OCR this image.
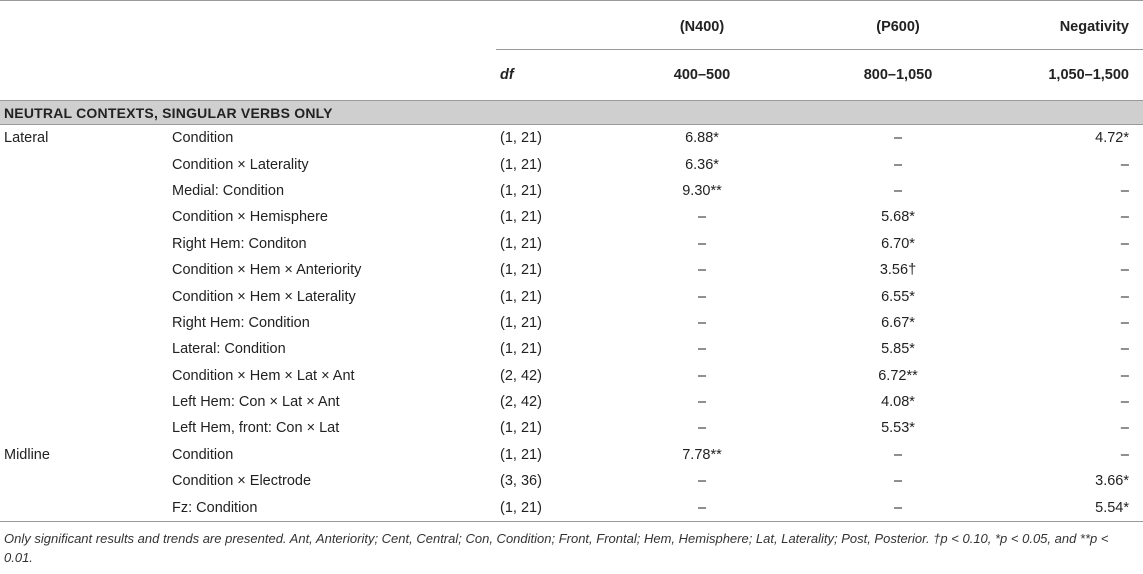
			(N400)	(P600)	Negativity
		df	400–500	800–1,050	1,050–1,500
NEUTRAL CONTEXTS, SINGULAR VERBS ONLY					
Lateral	Condition	(1, 21)	6.88*	–	4.72*
	Condition × Laterality	(1, 21)	6.36*	–	–
	Medial: Condition	(1, 21)	9.30**	–	–
	Condition × Hemisphere	(1, 21)	–	5.68*	–
	Right Hem: Conditon	(1, 21)	–	6.70*	–
	Condition × Hem × Anteriority	(1, 21)	–	3.56†	–
	Condition × Hem × Laterality	(1, 21)	–	6.55*	–
	Right Hem: Condition	(1, 21)	–	6.67*	–
	Lateral: Condition	(1, 21)	–	5.85*	–
	Condition × Hem × Lat × Ant	(2, 42)	–	6.72**	–
	Left Hem: Con × Lat × Ant	(2, 42)	–	4.08*	–
	Left Hem, front: Con × Lat	(1, 21)	–	5.53*	–
Midline	Condition	(1, 21)	7.78**	–	–
	Condition × Electrode	(3, 36)	–	–	3.66*
	Fz: Condition	(1, 21)	–	–	5.54*
Only significant results and trends are presented. Ant, Anteriority; Cent, Central; Con, Condition; Front, Frontal; Hem, Hemisphere; Lat, Laterality; Post, Posterior. †p < 0.10, *p < 0.05, and **p < 0.01.
